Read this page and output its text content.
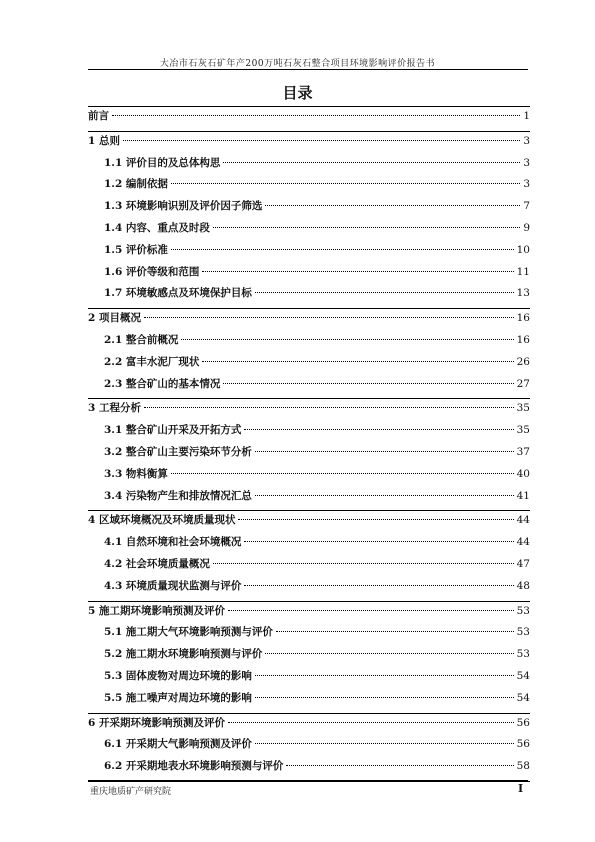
大冶市石灰石矿年产200万吨石灰石整合项目环境影响评价报告书
目录
前言	1
1 总则	3
1.1 评价目的及总体构思	3
1.2 编制依据	3
1.3 环境影响识别及评价因子筛选	7
1.4 内容、重点及时段	9
1.5 评价标准	10
1.6 评价等级和范围	11
1.7 环境敏感点及环境保护目标	13
2 项目概况	16
2.1 整合前概况	16
2.2 富丰水泥厂现状	26
2.3 整合矿山的基本情况	27
3 工程分析	35
3.1 整合矿山开采及开拓方式	35
3.2 整合矿山主要污染环节分析	37
3.3 物料衡算	40
3.4 污染物产生和排放情况汇总	41
4 区域环境概况及环境质量现状	44
4.1 自然环境和社会环境概况	44
4.2 社会环境质量概况	47
4.3 环境质量现状监测与评价	48
5 施工期环境影响预测及评价	53
5.1 施工期大气环境影响预测与评价	53
5.2 施工期水环境影响预测与评价	53
5.3 固体废物对周边环境的影响	54
5.5 施工噪声对周边环境的影响	54
6 开采期环境影响预测及评价	56
6.1 开采期大气影响预测及评价	56
6.2 开采期地表水环境影响预测与评价	58
重庆地质矿产研究院	I
